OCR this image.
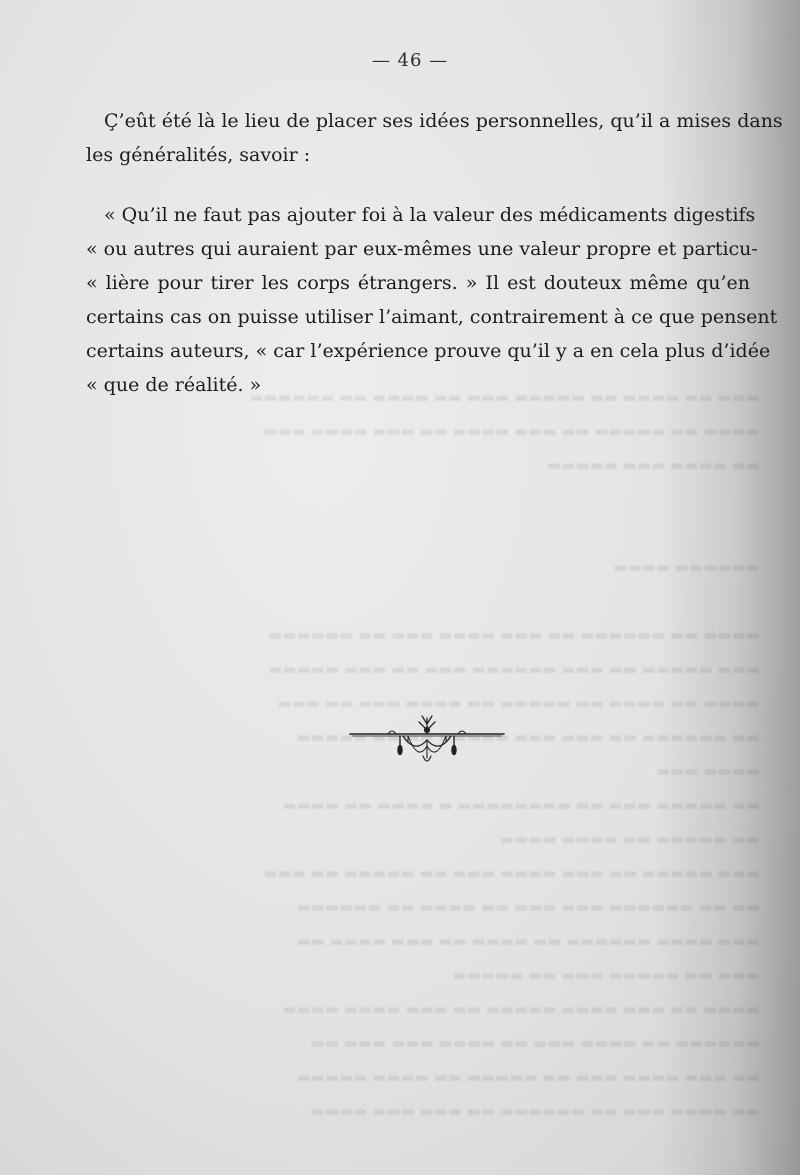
▬▬▬ ▬▬ ▬▬▬▬ ▬▬ ▬▬▬▬▬ ▬▬▬ ▬▬ ▬▬▬▬ ▬▬ ▬▬▬▬▬▬
▬▬▬▬ ▬▬ ▬▬▬▬▬ ▬▬ ▬▬▬ ▬▬▬▬ ▬▬ ▬▬▬ ▬▬▬▬ ▬▬▬
▬▬ ▬▬▬▬ ▬▬▬ ▬▬▬▬▬

▬▬▬▬▬▬ ▬▬▬▬

▬▬▬▬ ▬▬ ▬▬▬▬▬▬ ▬▬ ▬▬▬ ▬▬▬▬ ▬▬▬ ▬▬ ▬▬▬▬▬▬
▬▬▬ ▬▬▬▬▬ ▬▬ ▬▬▬ ▬▬▬▬▬▬ ▬▬▬ ▬▬ ▬▬▬ ▬▬▬▬▬
▬▬▬▬ ▬▬ ▬▬▬▬ ▬▬ ▬▬▬▬▬ ▬▬ ▬▬▬▬ ▬▬▬ ▬▬ ▬▬▬
▬▬ ▬▬▬▬▬▬ ▬▬ ▬▬▬ ▬▬▬ ▬▬▬▬▬ ▬▬ ▬▬ ▬▬▬▬▬
▬▬▬▬ ▬▬▬
▬▬ ▬▬▬▬▬ ▬▬▬ ▬▬ ▬▬▬▬▬▬▬▬ ▬ ▬▬▬▬ ▬▬ ▬▬▬▬
▬▬ ▬▬▬▬▬ ▬▬ ▬▬▬▬ ▬▬▬▬
▬▬▬ ▬▬▬▬▬ ▬▬ ▬▬▬ ▬▬▬▬ ▬▬▬ ▬▬ ▬▬▬▬▬ ▬▬ ▬▬▬
▬▬ ▬▬ ▬▬▬▬▬▬ ▬▬▬ ▬▬▬ ▬▬ ▬▬▬▬ ▬▬ ▬▬▬▬▬▬
▬▬▬ ▬▬▬▬ ▬▬▬▬▬▬ ▬▬ ▬▬▬▬ ▬▬ ▬▬▬ ▬▬▬▬ ▬▬
▬▬▬ ▬▬ ▬▬▬▬▬ ▬▬▬ ▬▬ ▬▬▬▬▬
▬▬▬▬ ▬▬ ▬▬▬ ▬▬▬▬ ▬▬▬▬▬ ▬▬ ▬▬▬ ▬▬▬▬ ▬▬▬▬
▬▬▬▬▬▬ ▬▬ ▬▬▬▬ ▬▬▬ ▬▬ ▬▬▬▬ ▬▬▬ ▬▬▬ ▬▬
▬▬ ▬▬▬ ▬▬▬▬ ▬▬▬ ▬▬ ▬▬▬▬▬ ▬▬ ▬▬▬▬ ▬▬▬▬▬
▬▬ ▬▬▬▬ ▬▬▬ ▬▬ ▬▬▬▬▬▬ ▬▬ ▬▬▬ ▬▬▬ ▬▬▬▬
— 46 —
Ç’eût été là le lieu de placer ses idées personnelles, qu’il a mises dans
les généralités, savoir :
« Qu’il ne faut pas ajouter foi à la valeur des médicaments digestifs
« ou autres qui auraient par eux-mêmes une valeur propre et particu-
« lière pour tirer les corps étrangers. » Il est douteux même qu’en
certains cas on puisse utiliser l’aimant, contrairement à ce que pensent
certains auteurs, « car l’expérience prouve qu’il y a en cela plus d’idée
« que de réalité. »
